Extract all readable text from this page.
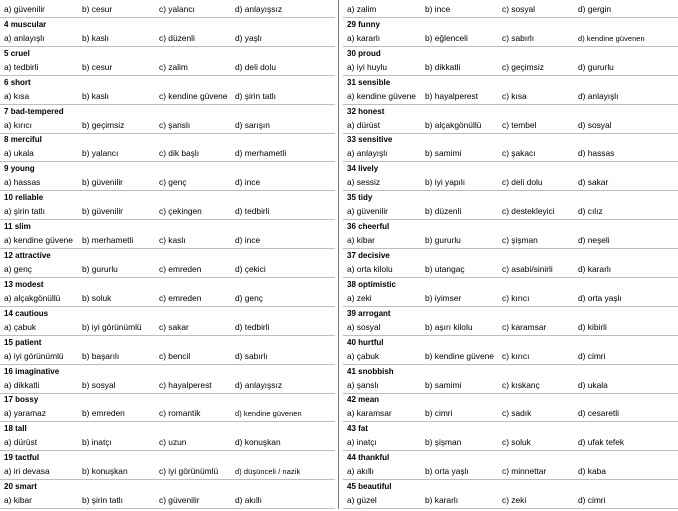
a) güvenilir	b) cesur	c) yalancı	d) anlayışsız
4 muscular
a) anlayışlı	b) kaslı	c) düzenli	d) yaşlı
5 cruel
a) tedbirli	b) cesur	c) zalim	d) deli dolu
6 short
a) kısa	b) kaslı	c) kendine güvene d) şirin tatlı
7 bad-tempered
a) kırıcı	b) geçimsiz	c) şanslı	d) sarışın
8 merciful
a) ukala	b) yalancı	c) dik başlı	d) merhametli
9 young
a) hassas	b) güvenilir	c) genç	d) ince
10 reliable
a) şirin tatlı	b) güvenilir	c) çekingen	d) tedbirli
11 slim
a) kendine güvene	b) merhametli	c) kaslı	d) ince
12 attractive
a) genç	b) gururlu	c) emreden	d) çekici
13 modest
a) alçakgönüllü	b) soluk	c) emreden	d) genç
14 cautious
a) çabuk	b) iyi görünümlü	c) sakar	d) tedbirli
15 patient
a) iyi görünümlü	b) başarılı	c) bencil	d) sabırlı
16 imaginative
a) dikkatli	b) sosyal	c) hayalperest	d) anlayışsız
17 bossy
a) yaramaz	b) emreden	c) romantik	d) kendine güvenen
18 tall
a) dürüst	b) inatçı	c) uzun	d) konuşkan
19 tactful
a) iri devasa	b) konuşkan	c) iyi görünümlü	d) düşünceli / nazik
20 smart
a) kibar	b) şirin tatlı	c) güvenilir	d) akıllı
a) zalim	b) ince	c) sosyal	d) gergin
29 funny
a) kararlı	b) eğlenceli	c) sabırlı	d) kendine güvenen
30 proud
a) iyi huylu	b) dikkatli	c) geçimsiz	d) gururlu
31 sensible
a) kendine güvene	b) hayalperest	c) kısa	d) anlayışlı
32 honest
a) dürüst	b) alçakgönüllü	c) tembel	d) sosyal
33 sensitive
a) anlayışlı	b) samimi	c) şakacı	d) hassas
34 lively
a) sessiz	b) iyi yapılı	c) deli dolu	d) sakar
35 tidy
a) güvenilir	b) düzenli	c) destekleyici	d) cılız
36 cheerful
a) kibar	b) gururlu	c) şişman	d) neşeli
37 decisive
a) orta kilolu	b) utangaç	c) asabi/sinirli	d) kararlı
38 optimistic
a) zeki	b) iyimser	c) kırıcı	d) orta yaşlı
39 arrogant
a) sosyal	b) aşırı kilolu	c) karamsar	d) kibirli
40 hurtful
a) çabuk	b) kendine güvene c) kırıcı	d) cimri
41 snobbish
a) şanslı	b) samimi	c) kıskanç	d) ukala
42 mean
a) karamsar	b) cimri	c) sadık	d) cesaretli
43 fat
a) inatçı	b) şişman	c) soluk	d) ufak tefek
44 thankful
a) akıllı	b) orta yaşlı	c) minnettar	d) kaba
45 beautiful
a) güzel	b) kararlı	c) zeki	d) cimri
